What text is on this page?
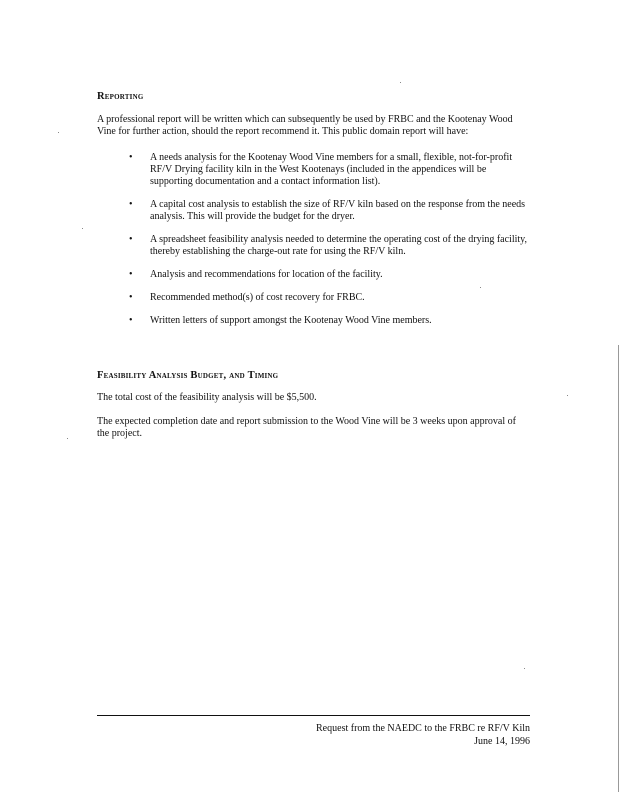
Reporting
A professional report will be written which can subsequently be used by FRBC and the Kootenay Wood Vine for further action, should the report recommend it. This public domain report will have:
• A needs analysis for the Kootenay Wood Vine members for a small, flexible, not-for-profit RF/V Drying facility kiln in the West Kootenays (included in the appendices will be supporting documentation and a contact information list).
• A capital cost analysis to establish the size of RF/V kiln based on the response from the needs analysis. This will provide the budget for the dryer.
• A spreadsheet feasibility analysis needed to determine the operating cost of the drying facility, thereby establishing the charge-out rate for using the RF/V kiln.
• Analysis and recommendations for location of the facility.
• Recommended method(s) of cost recovery for FRBC.
• Written letters of support amongst the Kootenay Wood Vine members.
Feasibility Analysis Budget, and Timing
The total cost of the feasibility analysis will be $5,500.
The expected completion date and report submission to the Wood Vine will be 3 weeks upon approval of the project.
Request from the NAEDC to the FRBC re RF/V Kiln
June 14, 1996
